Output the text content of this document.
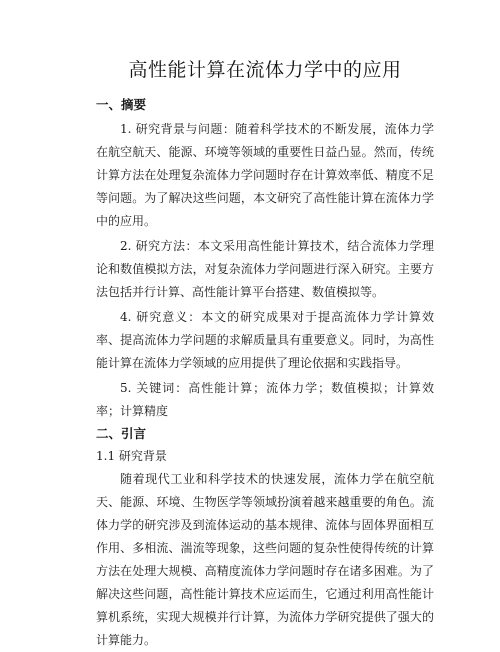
高性能计算在流体力学中的应用
一、摘要

1. 研究背景与问题：随着科学技术的不断发展，流体力学在航空航天、能源、环境等领域的重要性日益凸显。然而，传统计算方法在处理复杂流体力学问题时存在计算效率低、精度不足等问题。为了解决这些问题，本文研究了高性能计算在流体力学中的应用。

2. 研究方法：本文采用高性能计算技术，结合流体力学理论和数值模拟方法，对复杂流体力学问题进行深入研究。主要方法包括并行计算、高性能计算平台搭建、数值模拟等。

4. 研究意义：本文的研究成果对于提高流体力学计算效率、提高流体力学问题的求解质量具有重要意义。同时，为高性能计算在流体力学领域的应用提供了理论依据和实践指导。

5. 关键词：高性能计算；流体力学；数值模拟；计算效率；计算精度

二、引言
1.1 研究背景

随着现代工业和科学技术的快速发展，流体力学在航空航天、能源、环境、生物医学等领域扮演着越来越重要的角色。流体力学的研究涉及到流体运动的基本规律、流体与固体界面相互作用、多相流、湍流等现象，这些问题的复杂性使得传统的计算方法在处理大规模、高精度流体力学问题时存在诸多困难。为了解决这些问题，高性能计算技术应运而生，它通过利用高性能计算机系统，实现大规模并行计算，为流体力学研究提供了强大的计算能力。
